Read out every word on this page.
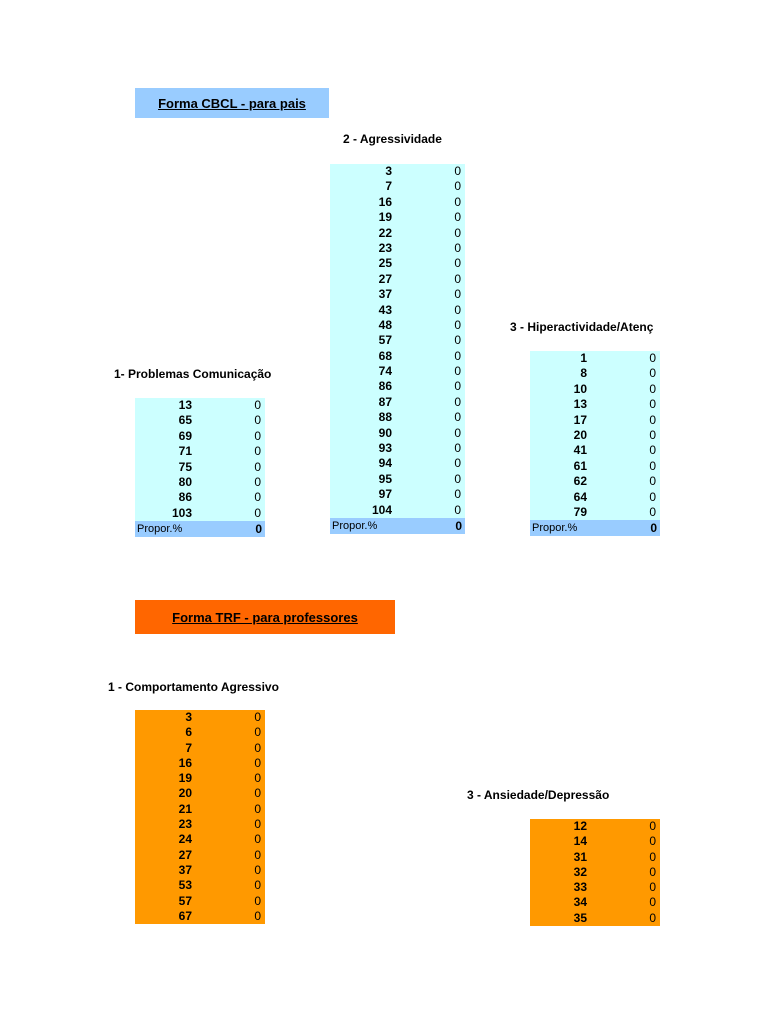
Forma CBCL - para pais
2 - Agressividade
3 - Hiperactividade/Atenç
1- Problemas Comunicação
13	0
65	0
69	0
71	0
75	0
80	0
86	0
103	0
Propor.%	0
3	0
7	0
16	0
19	0
22	0
23	0
25	0
27	0
37	0
43	0
48	0
57	0
68	0
74	0
86	0
87	0
88	0
90	0
93	0
94	0
95	0
97	0
104	0
Propor.%	0
1	0
8	0
10	0
13	0
17	0
20	0
41	0
61	0
62	0
64	0
79	0
Propor.%	0
Forma TRF - para professores
1 - Comportamento Agressivo
3 - Ansiedade/Depressão
3	0
6	0
7	0
16	0
19	0
20	0
21	0
23	0
24	0
27	0
37	0
53	0
57	0
67	0
12	0
14	0
31	0
32	0
33	0
34	0
35	0
